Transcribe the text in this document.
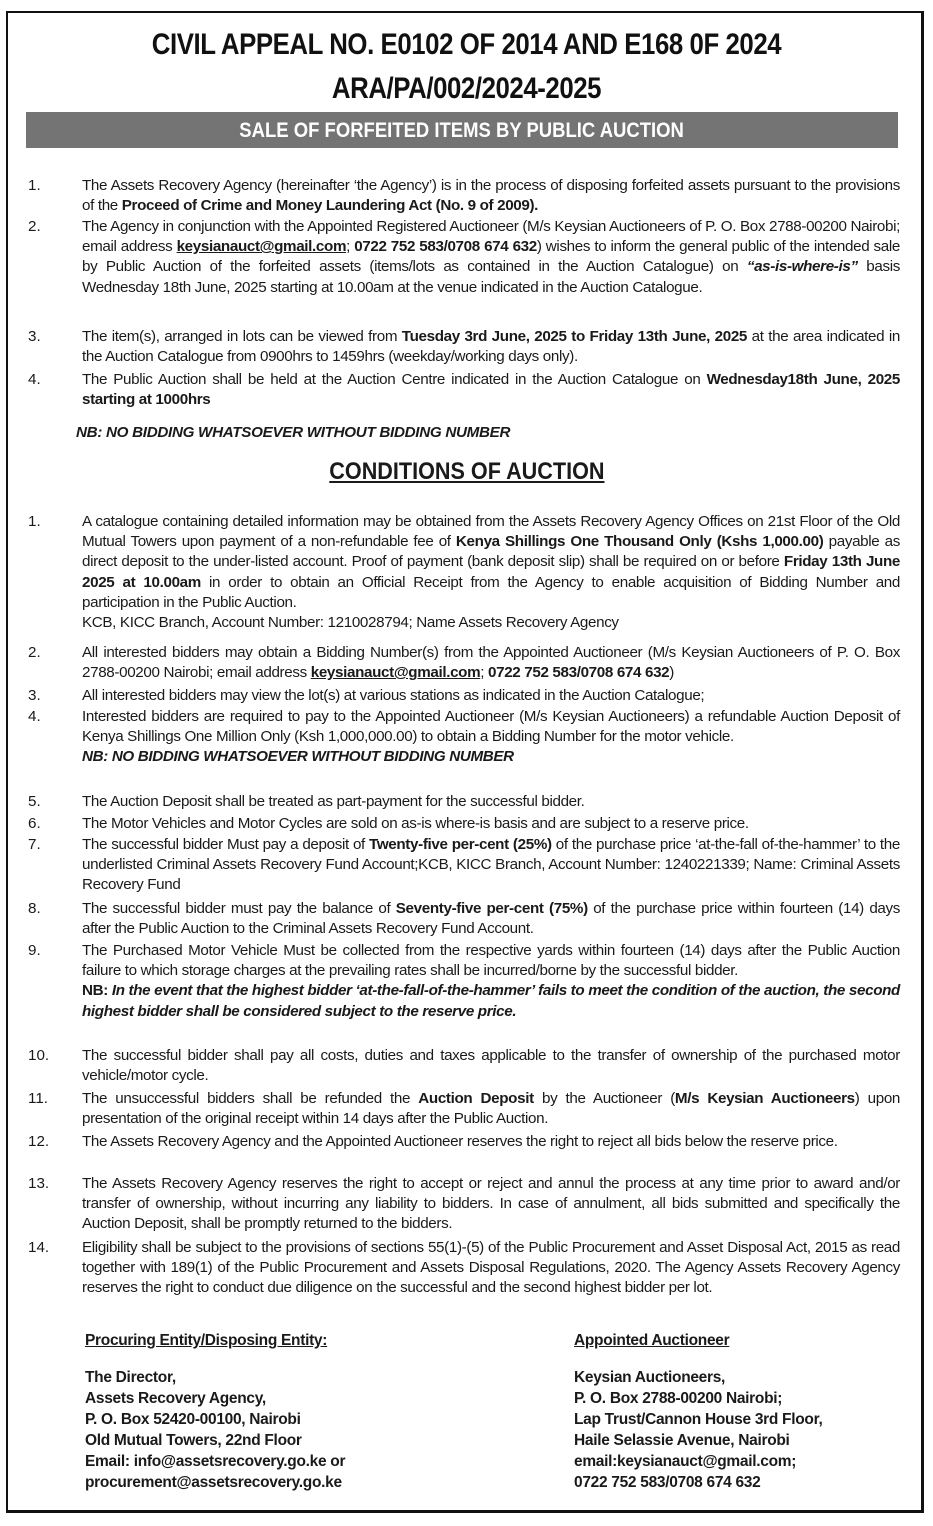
CIVIL APPEAL NO. E0102 OF 2014 AND E168 0F 2024
ARA/PA/002/2024-2025
SALE OF FORFEITED ITEMS BY PUBLIC AUCTION
1.	The Assets Recovery Agency (hereinafter ‘the Agency’) is in the process of disposing forfeited assets pursuant to the provisions of the Proceed of Crime and Money Laundering Act (No. 9 of 2009).
2.	The Agency in conjunction with the Appointed Registered Auctioneer (M/s Keysian Auctioneers of P. O. Box 2788-00200 Nairobi; email address keysianauct@gmail.com; 0722 752 583/0708 674 632) wishes to inform the general public of the intended sale by Public Auction of the forfeited assets (items/lots as contained in the Auction Catalogue) on “as-is-where-is” basis Wednesday 18th June, 2025 starting at 10.00am at the venue indicated in the Auction Catalogue.
3.	The item(s), arranged in lots can be viewed from Tuesday 3rd June, 2025 to Friday 13th June, 2025 at the area indicated in the Auction Catalogue from 0900hrs to 1459hrs (weekday/working days only).
4.	The Public Auction shall be held at the Auction Centre indicated in the Auction Catalogue on Wednesday18th June, 2025 starting at 1000hrs
NB: NO BIDDING WHATSOEVER WITHOUT BIDDING NUMBER
CONDITIONS OF AUCTION
1.	A catalogue containing detailed information may be obtained from the Assets Recovery Agency Offices on 21st Floor of the Old Mutual Towers upon payment of a non-refundable fee of Kenya Shillings One Thousand Only (Kshs 1,000.00) payable as direct deposit to the under-listed account. Proof of payment (bank deposit slip) shall be required on or before Friday 13th June 2025 at 10.00am in order to obtain an Official Receipt from the Agency to enable acquisition of Bidding Number and participation in the Public Auction.
KCB, KICC Branch, Account Number: 1210028794; Name Assets Recovery Agency
2.	All interested bidders may obtain a Bidding Number(s) from the Appointed Auctioneer (M/s Keysian Auctioneers of P. O. Box 2788-00200 Nairobi; email address keysianauct@gmail.com; 0722 752 583/0708 674 632)
3.	All interested bidders may view the lot(s) at various stations as indicated in the Auction Catalogue;
4.	Interested bidders are required to pay to the Appointed Auctioneer (M/s Keysian Auctioneers) a refundable Auction Deposit of Kenya Shillings One Million Only (Ksh 1,000,000.00) to obtain a Bidding Number for the motor vehicle.
NB: NO BIDDING WHATSOEVER WITHOUT BIDDING NUMBER
5.	The Auction Deposit shall be treated as part-payment for the successful bidder.
6.	The Motor Vehicles and Motor Cycles are sold on as-is where-is basis and are subject to a reserve price.
7.	The successful bidder Must pay a deposit of Twenty-five per-cent (25%) of the purchase price ‘at-the-fall of-the-hammer’ to the underlisted Criminal Assets Recovery Fund Account;KCB, KICC Branch, Account Number: 1240221339; Name: Criminal Assets Recovery Fund
8.	The successful bidder must pay the balance of Seventy-five per-cent (75%) of the purchase price within fourteen (14) days after the Public Auction to the Criminal Assets Recovery Fund Account.
9.	The Purchased Motor Vehicle Must be collected from the respective yards within fourteen (14) days after the Public Auction failure to which storage charges at the prevailing rates shall be incurred/borne by the successful bidder.
NB: In the event that the highest bidder ‘at-the-fall-of-the-hammer’ fails to meet the condition of the auction, the second highest bidder shall be considered subject to the reserve price.
10. The successful bidder shall pay all costs, duties and taxes applicable to the transfer of ownership of the purchased motor vehicle/motor cycle.
11. The unsuccessful bidders shall be refunded the Auction Deposit by the Auctioneer (M/s Keysian Auctioneers) upon presentation of the original receipt within 14 days after the Public Auction.
12. The Assets Recovery Agency and the Appointed Auctioneer reserves the right to reject all bids below the reserve price.
13. The Assets Recovery Agency reserves the right to accept or reject and annul the process at any time prior to award and/or transfer of ownership, without incurring any liability to bidders. In case of annulment, all bids submitted and specifically the Auction Deposit, shall be promptly returned to the bidders.
14. Eligibility shall be subject to the provisions of sections 55(1)-(5) of the Public Procurement and Asset Disposal Act, 2015 as read together with 189(1) of the Public Procurement and Assets Disposal Regulations, 2020. The Agency Assets Recovery Agency reserves the right to conduct due diligence on the successful and the second highest bidder per lot.
Procuring Entity/Disposing Entity:
The Director,
Assets Recovery Agency,
P. O. Box 52420-00100, Nairobi
Old Mutual Towers, 22nd Floor
Email: info@assetsrecovery.go.ke or
procurement@assetsrecovery.go.ke
Appointed Auctioneer
Keysian Auctioneers,
P. O. Box 2788-00200 Nairobi;
Lap Trust/Cannon House 3rd Floor,
Haile Selassie Avenue, Nairobi
email:keysianauct@gmail.com;
0722 752 583/0708 674 632
